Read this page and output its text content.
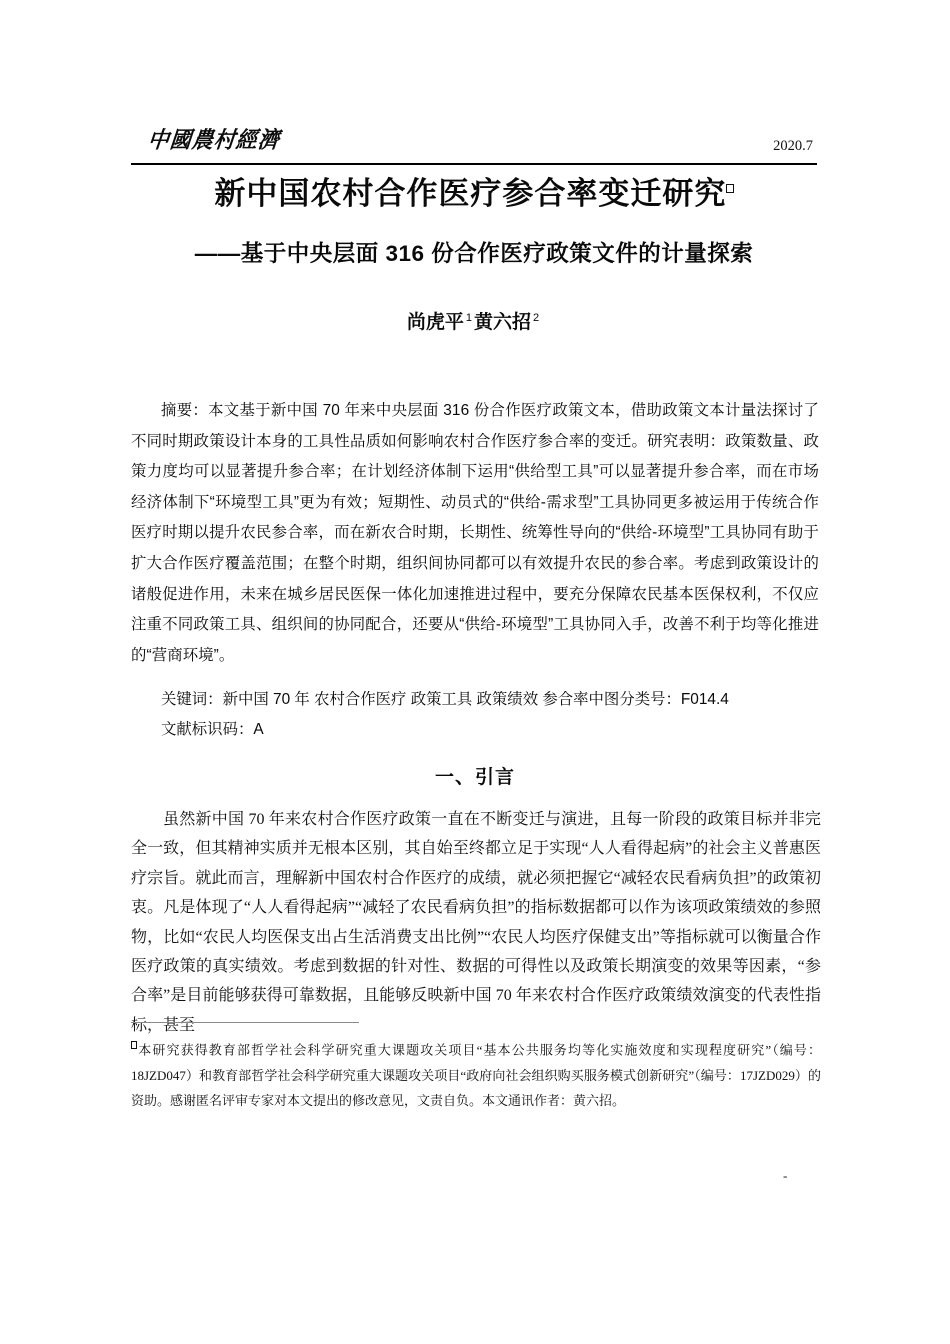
中國農村經濟	2020.7
新中国农村合作医疗参合率变迁研究
——基于中央层面 316 份合作医疗政策文件的计量探索
尚虎平 $^1$ 黄六招 $^2$
摘要：本文基于新中国 70 年来中央层面 316 份合作医疗政策文本，借助政策文本计量法探讨了不同时期政策设计本身的工具性品质如何影响农村合作医疗参合率的变迁。研究表明：政策数量、政策力度均可以显著提升参合率；在计划经济体制下运用“供给型工具”可以显著提升参合率，而在市场经济体制下“环境型工具”更为有效；短期性、动员式的“供给-需求型”工具协同更多被运用于传统合作医疗时期以提升农民参合率，而在新农合时期，长期性、统筹性导向的“供给-环境型”工具协同有助于扩大合作医疗覆盖范围；在整个时期，组织间协同都可以有效提升农民的参合率。考虑到政策设计的诸般促进作用，未来在城乡居民医保一体化加速推进过程中，要充分保障农民基本医保权利，不仅应注重不同政策工具、组织间的协同配合，还要从“供给-环境型”工具协同入手，改善不利于均等化推进的“营商环境”。
关键词：新中国 70 年 农村合作医疗 政策工具 政策绩效 参合率中图分类号：F014.4
文献标识码：A
一、引言
虽然新中国 70 年来农村合作医疗政策一直在不断变迁与演进，且每一阶段的政策目标并非完全一致，但其精神实质并无根本区别，其自始至终都立足于实现“人人看得起病”的社会主义普惠医疗宗旨。就此而言，理解新中国农村合作医疗的成绩，就必须把握它“减轻农民看病负担”的政策初衷。凡是体现了“人人看得起病”“减轻了农民看病负担”的指标数据都可以作为该项政策绩效的参照物，比如“农民人均医保支出占生活消费支出比例”“农民人均医疗保健支出”等指标就可以衡量合作医疗政策的真实绩效。考虑到数据的针对性、数据的可得性以及政策长期演变的效果等因素，“参合率”是目前能够获得可靠数据，且能够反映新中国 70 年来农村合作医疗政策绩效演变的代表性指标，甚至
本研究获得教育部哲学社会科学研究重大课题攻关项目“基本公共服务均等化实施效度和实现程度研究”（编号：18JZD047）和教育部哲学社会科学研究重大课题攻关项目“政府向社会组织购买服务模式创新研究”（编号：17JZD029）的资助。感谢匿名评审专家对本文提出的修改意见，文责自负。本文通讯作者：黄六招。
-
